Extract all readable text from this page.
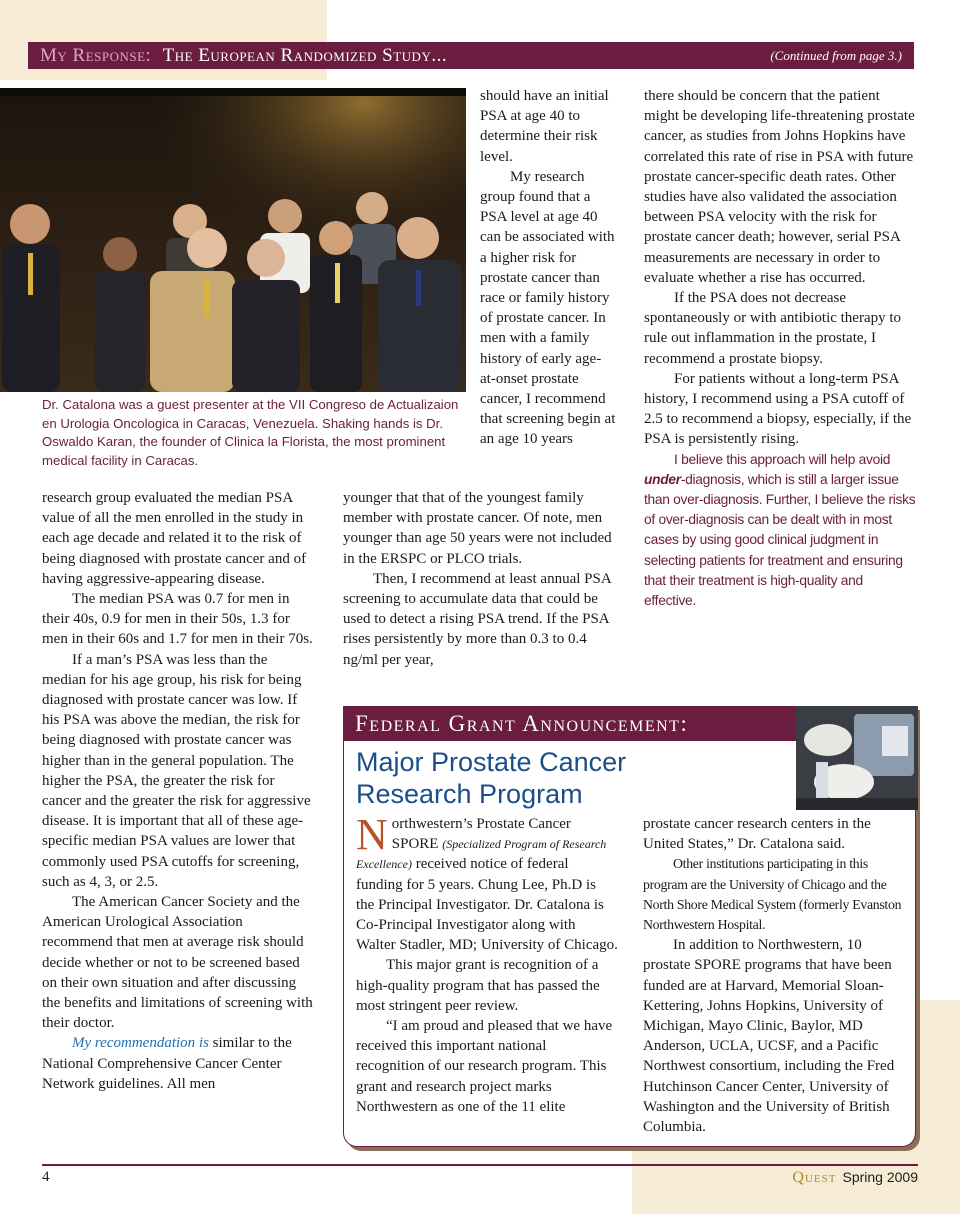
My Response: The European Randomized Study...	(Continued from page 3.)
Dr. Catalona was a guest presenter at the VII Congreso de Actualizaion en Urologia Oncologica in Caracas, Venezuela. Shaking hands is Dr. Oswaldo Karan, the founder of Clinica la Florista, the most prominent medical facility in Caracas.

research group evaluated the median PSA value of all the men enrolled in the study in each age decade and related it to the risk of being diagnosed with prostate cancer and of having aggressive-appearing disease.

The median PSA was 0.7 for men in their 40s, 0.9 for men in their 50s, 1.3 for men in their 60s and 1.7 for men in their 70s.

If a man’s PSA was less than the median for his age group, his risk for being diagnosed with prostate cancer was low. If his PSA was above the median, the risk for being diagnosed with prostate cancer was higher than in the general population. The higher the PSA, the greater the risk for cancer and the greater the risk for aggressive disease. It is important that all of these age-specific median PSA values are lower that commonly used PSA cutoffs for screening, such as 4, 3, or 2.5.

The American Cancer Society and the American Urological Association recommend that men at average risk should decide whether or not to be screened based on their own situation and after discussing the benefits and limitations of screening with their doctor.

My recommendation is similar to the National Comprehensive Cancer Center Network guidelines. All men

should have an initial PSA at age 40 to determine their risk level.

My research group found that a PSA level at age 40 can be associated with a higher risk for prostate cancer than race or family history of prostate cancer. In men with a family history of early age-at-onset prostate cancer, I recommend that screening begin at an age 10 years

younger that that of the youngest family member with prostate cancer. Of note, men younger than age 50 years were not included in the ERSPC or PLCO trials.

Then, I recommend at least annual PSA screening to accumulate data that could be used to detect a rising PSA trend. If the PSA rises persistently by more than 0.3 to 0.4 ng/ml per year,

there should be concern that the patient might be developing life-threatening prostate cancer, as studies from Johns Hopkins have correlated this rate of rise in PSA with future prostate cancer-specific death rates. Other studies have also validated the association between PSA velocity with the risk for prostate cancer death; however, serial PSA measurements are necessary in order to evaluate whether a rise has occurred.

If the PSA does not decrease spontaneously or with antibiotic therapy to rule out inflammation in the prostate, I recommend a prostate biopsy.

For patients without a long-term PSA history, I recommend using a PSA cutoff of 2.5 to recommend a biopsy, especially, if the PSA is persistently rising.

I believe this approach will help avoid under-diagnosis, which is still a larger issue than over-diagnosis. Further, I believe the risks of over-diagnosis can be dealt with in most cases by using good clinical judgment in selecting patients for treatment and ensuring that their treatment is high-quality and effective.

Federal Grant Announcement:
Major Prostate Cancer
Research Program

Northwestern’s Prostate Cancer SPORE (Specialized Program of Research Excellence) received notice of federal funding for 5 years. Chung Lee, Ph.D is the Principal Investigator. Dr. Catalona is Co-Principal Investigator along with Walter Stadler, MD; University of Chicago.

This major grant is recognition of a high-quality program that has passed the most stringent peer review.

“I am proud and pleased that we have received this important national recognition of our research program. This grant and research project marks Northwestern as one of the 11 elite

prostate cancer research centers in the United States,” Dr. Catalona said.

Other institutions participating in this program are the University of Chicago and the North Shore Medical System (formerly Evanston Northwestern Hospital.

In addition to Northwestern, 10 prostate SPORE programs that have been funded are at Harvard, Memorial Sloan-Kettering, Johns Hopkins, University of Michigan, Mayo Clinic, Baylor, MD Anderson, UCLA, UCSF, and a Pacific Northwest consortium, including the Fred Hutchinson Cancer Center, University of Washington and the University of British Columbia.

4	Quest Spring 2009
